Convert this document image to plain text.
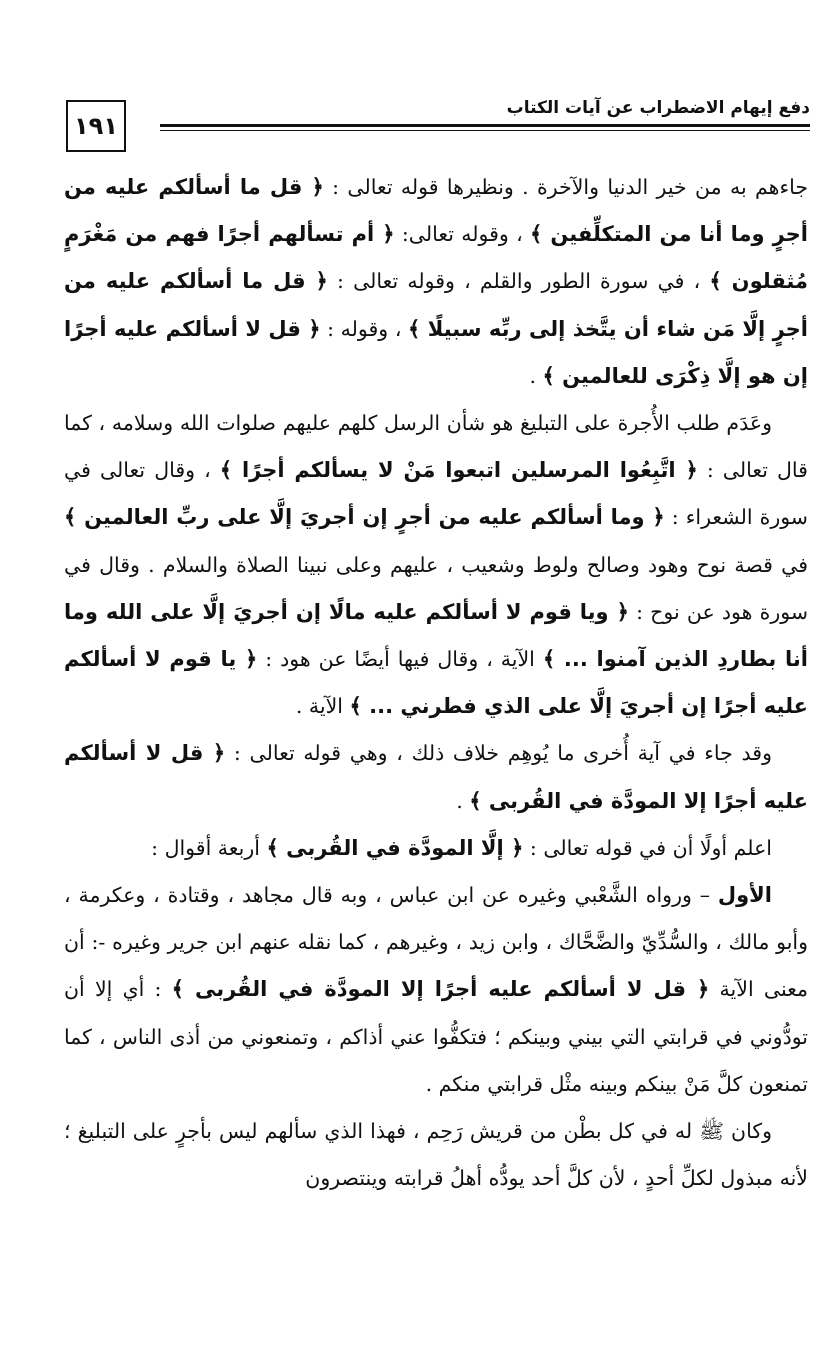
١٩١
دفع إيهام الاضطراب عن آيات الكتاب

جاءهم به من خير الدنيا والآخرة . ونظيرها قوله تعالى : ﴿ قل ما أسألكم عليه من أجرٍ وما أنا من المتكلِّفين ﴾ ، وقوله تعالى: ﴿ أم تسألهم أجرًا فهم من مَغْرَمٍ مُثقلون ﴾ ، في سورة الطور والقلم ، وقوله تعالى : ﴿ قل ما أسألكم عليه من أجرٍ إلَّا مَن شاء أن يتَّخذ إلى ربِّه سبيلًا ﴾ ، وقوله : ﴿ قل لا أسألكم عليه أجرًا إن هو إلَّا ذِكْرَى للعالمين ﴾ .

وعَدَم طلب الأُجرة على التبليغ هو شأن الرسل كلهم عليهم صلوات الله وسلامه ، كما قال تعالى : ﴿ اتَّبِعُوا المرسلين اتبعوا مَنْ لا يسألكم أجرًا ﴾ ، وقال تعالى في سورة الشعراء : ﴿ وما أسألكم عليه من أجرٍ إن أجريَ إلَّا على ربِّ العالمين ﴾ في قصة نوح وهود وصالح ولوط وشعيب ، عليهم وعلى نبينا الصلاة والسلام . وقال في سورة هود عن نوح : ﴿ ويا قوم لا أسألكم عليه مالًا إن أجريَ إلَّا على الله وما أنا بطاردِ الذين آمنوا ... ﴾ الآية ، وقال فيها أيضًا عن هود : ﴿ يا قوم لا أسألكم عليه أجرًا إن أجريَ إلَّا على الذي فطرني ... ﴾ الآية .

وقد جاء في آية أُخرى ما يُوهِم خلاف ذلك ، وهي قوله تعالى : ﴿ قل لا أسألكم عليه أجرًا إلا المودَّة في القُربى ﴾ .

اعلم أولًا أن في قوله تعالى : ﴿ إلَّا المودَّة في القُربى ﴾ أربعة أقوال :

الأول – ورواه الشَّعْبي وغيره عن ابن عباس ، وبه قال مجاهد ، وقتادة ، وعكرمة ، وأبو مالك ، والسُّدِّيّ والضَّحَّاك ، وابن زيد ، وغيرهم ، كما نقله عنهم ابن جرير وغيره -: أن معنى الآية ﴿ قل لا أسألكم عليه أجرًا إلا المودَّة في القُربى ﴾ : أي إلا أن تودُّوني في قرابتي التي بيني وبينكم ؛ فتكفُّوا عني أذاكم ، وتمنعوني من أذى الناس ، كما تمنعون كلَّ مَنْ بينكم وبينه مثْل قرابتي منكم .

وكان ﷺ له في كل بطْن من قريش رَحِم ، فهذا الذي سألهم ليس بأجرٍ على التبليغ ؛ لأنه مبذول لكلِّ أحدٍ ، لأن كلَّ أحد يودُّه أهلُ قرابته وينتصرون
